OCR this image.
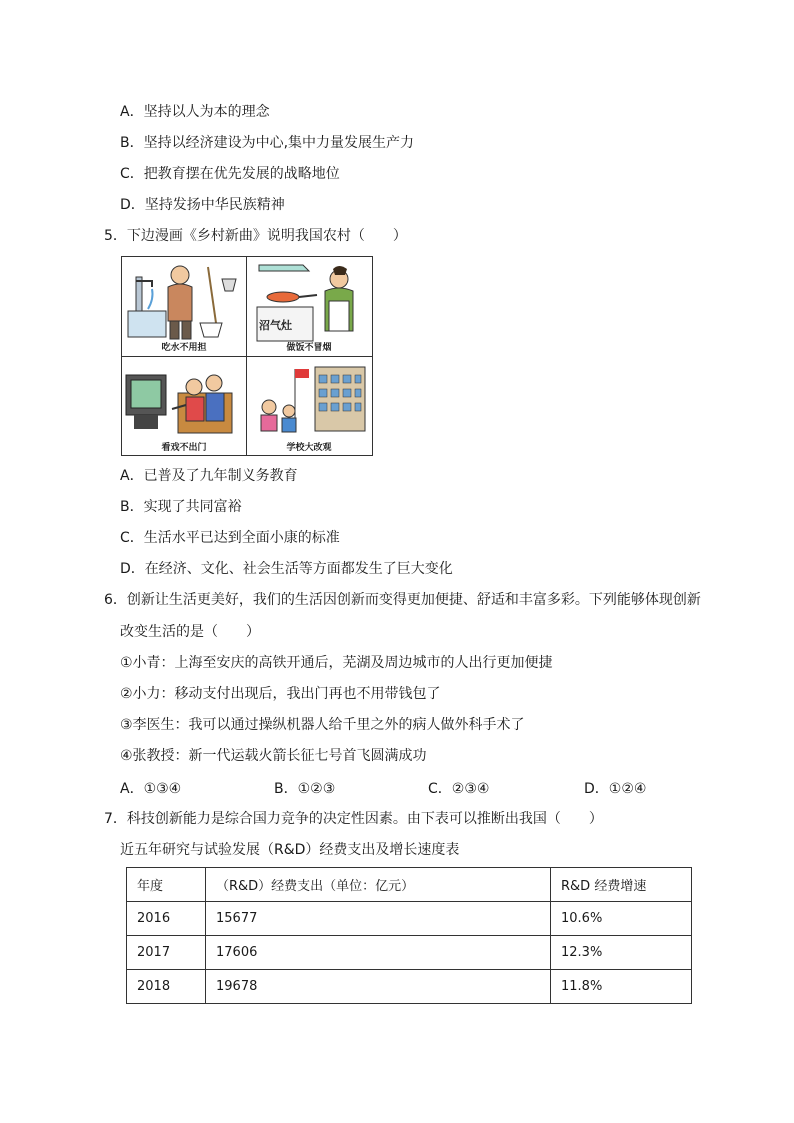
A．坚持以人为本的理念
B．坚持以经济建设为中心,集中力量发展生产力
C．把教育摆在优先发展的战略地位
D．坚持发扬中华民族精神
5．下边漫画《乡村新曲》说明我国农村（　　）
吃水不用担
沼气灶
做饭不冒烟
看戏不出门	学校大改观
A．已普及了九年制义务教育
B．实现了共同富裕
C．生活水平已达到全面小康的标准
D．在经济、文化、社会生活等方面都发生了巨大变化
6．创新让生活更美好，我们的生活因创新而变得更加便捷、舒适和丰富多彩。下列能够体现创新
改变生活的是（　　）
①小青：上海至安庆的高铁开通后，芜湖及周边城市的人出行更加便捷
②小力：移动支付出现后，我出门再也不用带钱包了
③李医生：我可以通过操纵机器人给千里之外的病人做外科手术了
④张教授：新一代运载火箭长征七号首飞圆满成功
A．①③④	B．①②③	C．②③④	D．①②④
7．科技创新能力是综合国力竞争的决定性因素。由下表可以推断出我国（　　）
近五年研究与试验发展（R&D）经费支出及增长速度表
年度	（R&D）经费支出（单位：亿元）	R&D 经费增速
2016	15677	10.6%
2017	17606	12.3%
2018	19678	11.8%
